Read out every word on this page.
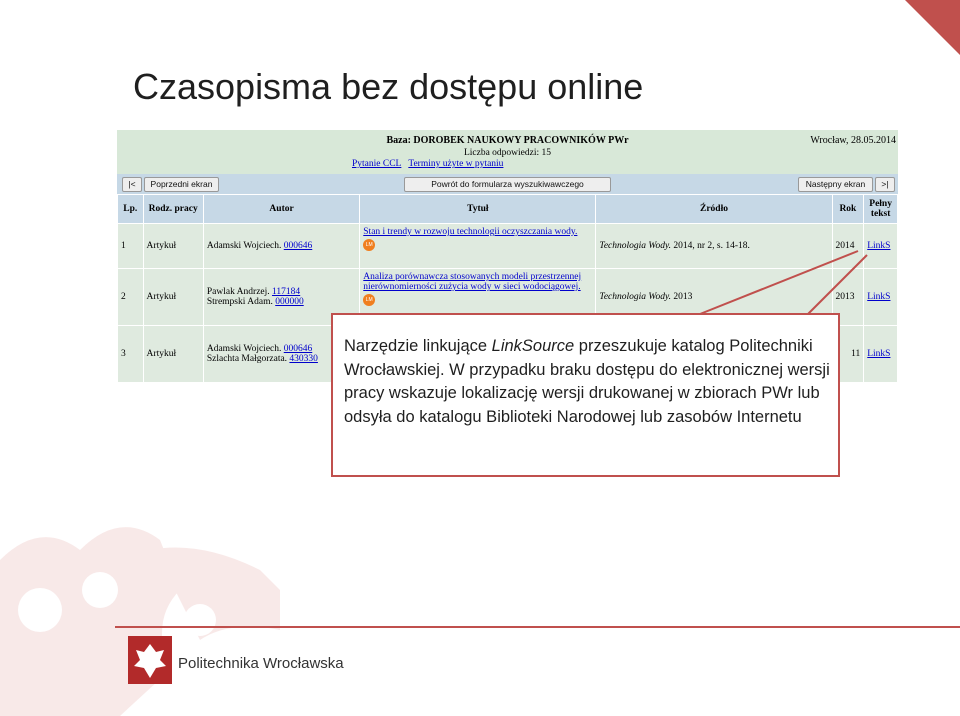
Czasopisma bez dostępu online
Baza: DOROBEK NAUKOWY PRACOWNIKÓW PWr
Liczba odpowiedzi: 15
Pytanie CCL Terminy użyte w pytaniu
Wrocław, 28.05.2014
|<	Poprzedni ekran	Powrót do formularza wyszukiwawczego	Następny ekran	>|
Lp.	Rodz. pracy	Autor	Tytuł	Źródło	Rok	Pełny tekst
1	Artykuł	Adamski Wojciech. 000646	Stan i trendy w rozwoju technologii oczyszczania wody.
LM	Technologia Wody. 2014, nr 2, s. 14-18.	2014	LinkS
2	Artykuł	Pawlak Andrzej. 117184
Strempski Adam. 000000	Analiza porównawcza stosowanych modeli przestrzennej
nierównomierności zużycia wody w sieci wodociągowej.
LM	Technologia Wody. 2013	2013	LinkS
3	Artykuł	Adamski Wojciech. 000646
Szlachta Małgorzata. 430330			11	LinkS
Narzędzie linkujące LinkSource przeszukuje katalog Politechniki Wrocławskiej. W przypadku braku dostępu do elektronicznej wersji pracy wskazuje lokalizację wersji drukowanej w zbiorach PWr lub odsyła do katalogu Biblioteki Narodowej lub zasobów Internetu
Politechnika Wrocławska
